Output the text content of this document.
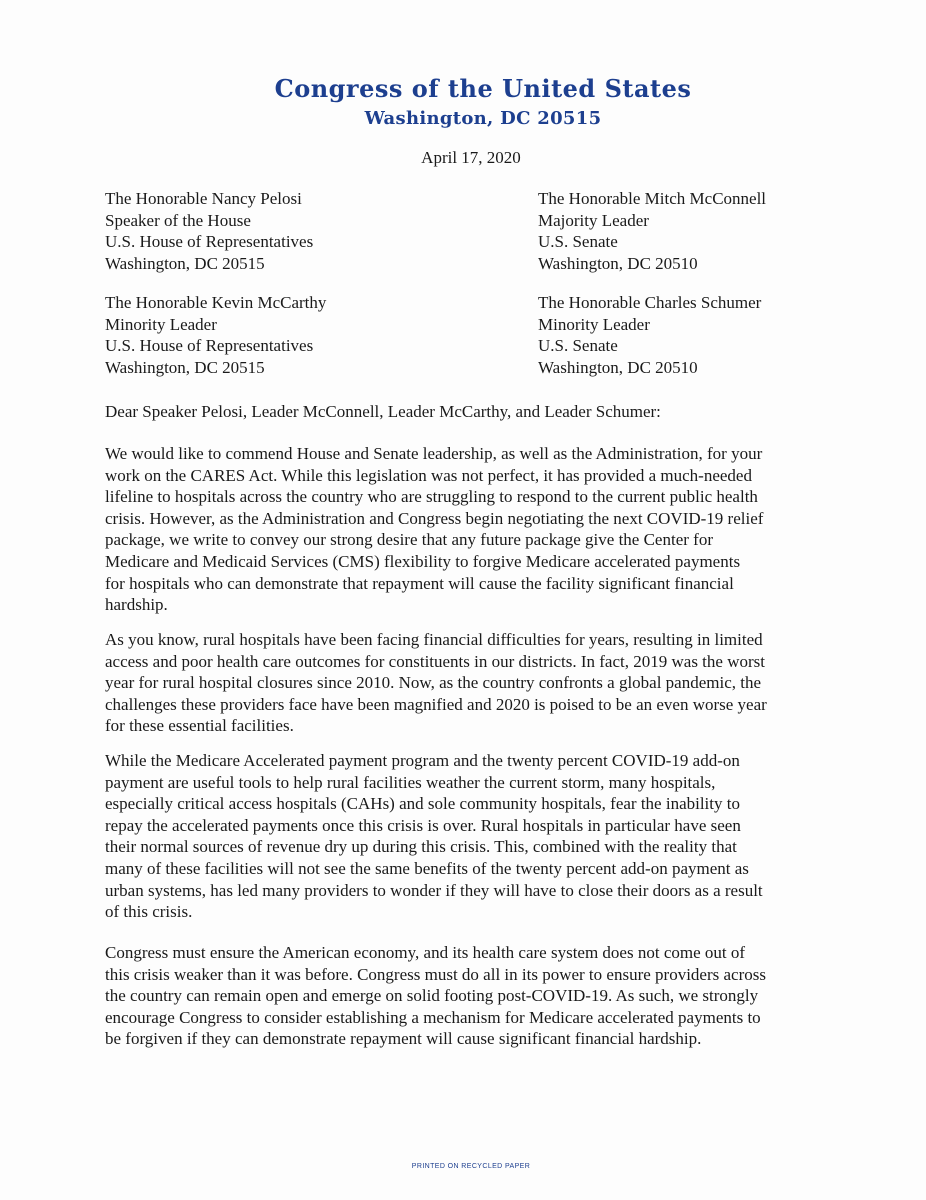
Congress of the United States
Washington, DC 20515
April 17, 2020
The Honorable Nancy Pelosi
Speaker of the House
U.S. House of Representatives
Washington, DC 20515
The Honorable Mitch McConnell
Majority Leader
U.S. Senate
Washington, DC 20510
The Honorable Kevin McCarthy
Minority Leader
U.S. House of Representatives
Washington, DC 20515
The Honorable Charles Schumer
Minority Leader
U.S. Senate
Washington, DC 20510
Dear Speaker Pelosi, Leader McConnell, Leader McCarthy, and Leader Schumer:
We would like to commend House and Senate leadership, as well as the Administration, for your
work on the CARES Act. While this legislation was not perfect, it has provided a much-needed
lifeline to hospitals across the country who are struggling to respond to the current public health
crisis. However, as the Administration and Congress begin negotiating the next COVID-19 relief
package, we write to convey our strong desire that any future package give the Center for
Medicare and Medicaid Services (CMS) flexibility to forgive Medicare accelerated payments
for hospitals who can demonstrate that repayment will cause the facility significant financial
hardship.
As you know, rural hospitals have been facing financial difficulties for years, resulting in limited
access and poor health care outcomes for constituents in our districts. In fact, 2019 was the worst
year for rural hospital closures since 2010. Now, as the country confronts a global pandemic, the
challenges these providers face have been magnified and 2020 is poised to be an even worse year
for these essential facilities.
While the Medicare Accelerated payment program and the twenty percent COVID-19 add-on
payment are useful tools to help rural facilities weather the current storm, many hospitals,
especially critical access hospitals (CAHs) and sole community hospitals, fear the inability to
repay the accelerated payments once this crisis is over. Rural hospitals in particular have seen
their normal sources of revenue dry up during this crisis. This, combined with the reality that
many of these facilities will not see the same benefits of the twenty percent add-on payment as
urban systems, has led many providers to wonder if they will have to close their doors as a result
of this crisis.
Congress must ensure the American economy, and its health care system does not come out of
this crisis weaker than it was before. Congress must do all in its power to ensure providers across
the country can remain open and emerge on solid footing post-COVID-19. As such, we strongly
encourage Congress to consider establishing a mechanism for Medicare accelerated payments to
be forgiven if they can demonstrate repayment will cause significant financial hardship.
PRINTED ON RECYCLED PAPER
